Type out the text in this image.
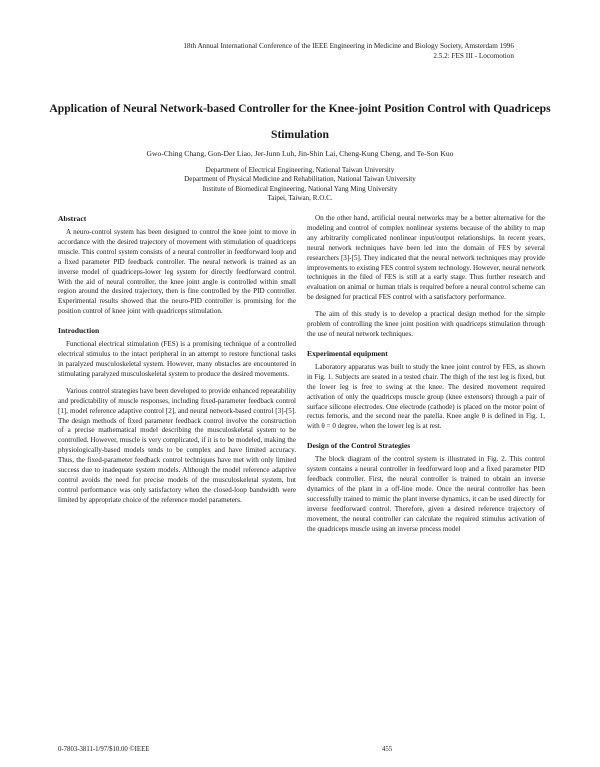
18th Annual International Conference of the IEEE Engineering in Medicine and Biology Society, Amsterdam 1996
2.5.2: FES III - Locomotion
Application of Neural Network-based Controller for the Knee-joint Position Control with Quadriceps Stimulation
Gwo-Ching Chang, Gon-Der Liao, Jer-Junn Luh, Jin-Shin Lai, Cheng-Kung Cheng, and Te-Son Kuo
Department of Electrical Engineering, National Taiwan University
Department of Physical Medicine and Rehabilitation, National Taiwan University
Institute of Biomedical Engineering, National Yang Ming University
Taipei, Taiwan, R.O.C.
Abstract

A neuro-control system has been designed to control the knee joint to move in accordance with the desired trajectory of movement with stimulation of quadriceps muscle. This control system consists of a neural controller in feedforward loop and a fixed parameter PID feedback controller. The neural network is trained as an inverse model of quadriceps-lower leg system for directly feedforward control. With the aid of neural controller, the knee joint angle is controlled within small region around the desired trajectory, then is fine controlled by the PID controller. Experimental results showed that the neuro-PID controller is promising for the position control of knee joint with quadriceps stimulation.

Introduction

Functional electrical stimulation (FES) is a promising technique of a controlled electrical stimulus to the intact peripheral in an attempt to restore functional tasks in paralyzed musculoskeletal system. However, many obstacles are encountered in stimulating paralyzed musculoskeletal system to produce the desired movements.

Various control strategies have been developed to provide enhanced repeatability and predictability of muscle responses, including fixed-parameter feedback control [1], model reference adaptive control [2], and neural network-based control [3]-[5]. The design methods of fixed parameter feedback control involve the construction of a precise mathematical model describing the musculoskeletal system to be controlled. However, muscle is very complicated, if it is to be modeled, making the physiologically-based models tends to be complex and have limited accuracy. Thus, the fixed-parameter feedback control techniques have met with only limited success due to inadequate system models. Although the model reference adaptive control avoids the need for precise models of the musculoskeletal system, but control performance was only satisfactory when the closed-loop bandwidth were limited by appropriate choice of the reference model parameters.

On the other hand, artificial neural networks may be a better alternative for the modeling and control of complex nonlinear systems because of the ability to map any arbitrarily complicated nonlinear input/output relationships. In recent years, neural network techniques have been led into the domain of FES by several researchers [3]-[5]. They indicated that the neural network techniques may provide improvements to existing FES control system technology. However, neural network techniques in the filed of FES is still at a early stage. Thus further research and evaluation on animal or human trials is required before a neural control scheme can be designed for practical FES control with a satisfactory performance.

The aim of this study is to develop a practical design method for the simple problem of controlling the knee joint position with quadriceps stimulation through the use of neural network techniques.

Experimental equipment

Laboratory apparatus was built to study the knee joint control by FES, as shown in Fig. 1. Subjects are seated in a tested chair. The thigh of the test leg is fixed, but the lower leg is free to swing at the knee. The desired movement required activation of only the quadriceps muscle group (knee extensors) through a pair of surface silicone electrodes. One electrode (cathode) is placed on the motor point of rectus femoris, and the second near the patella. Knee angle θ is defined in Fig. 1, with θ = 0 degree, when the lower leg is at rest.

Design of the Control Strategies

The block diagram of the control system is illustrated in Fig. 2. This control system contains a neural controller in feedforward loop and a fixed parameter PID feedback controller. First, the neural controller is trained to obtain an inverse dynamics of the plant in a off-line mode. Once the neural controller has been successfully trained to mimic the plant inverse dynamics, it can be used directly for inverse feedforward control. Therefore, given a desired reference trajectory of movement, the neural controller can calculate the required stimulus activation of the quadriceps muscle using an inverse process model

0-7803-3811-1/97/$10.00 ©IEEE	455
